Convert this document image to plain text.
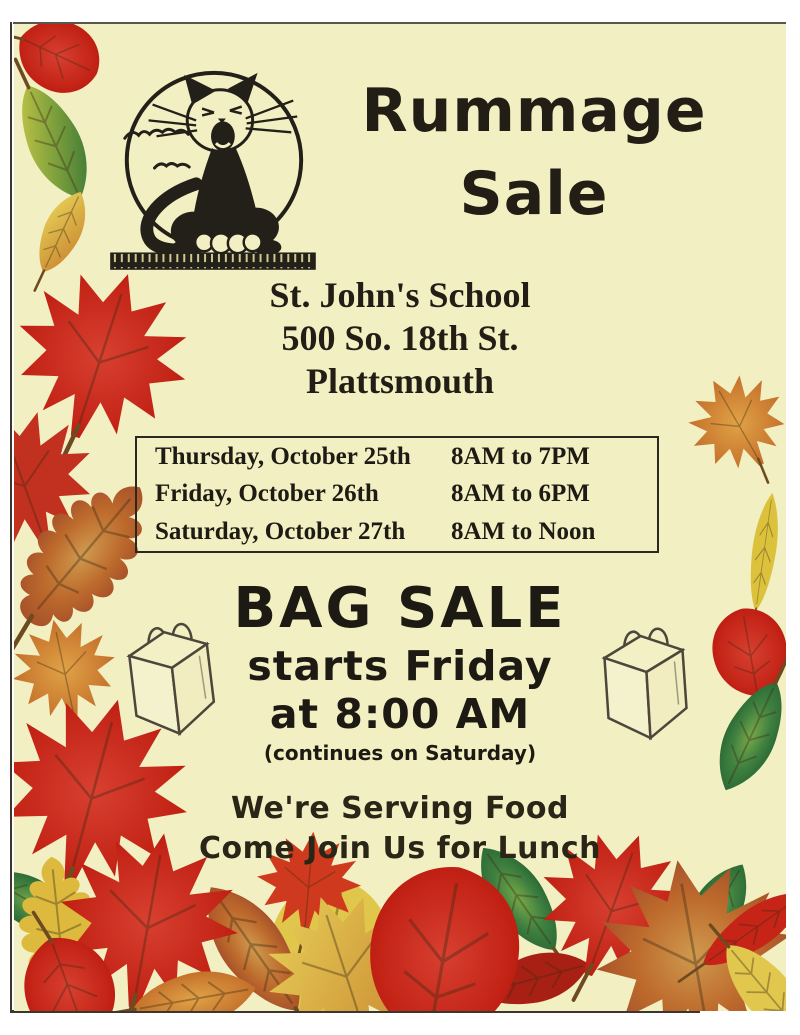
Rummage
Sale
St. John's School
500 So. 18th St.
Plattsmouth
Thursday, October 25th	8AM to 7PM
Friday, October 26th	8AM to 6PM
Saturday, October 27th	8AM to Noon
BAG SALE
starts Friday
at 8:00 AM
(continues on Saturday)
We're Serving Food
Come Join Us for Lunch
